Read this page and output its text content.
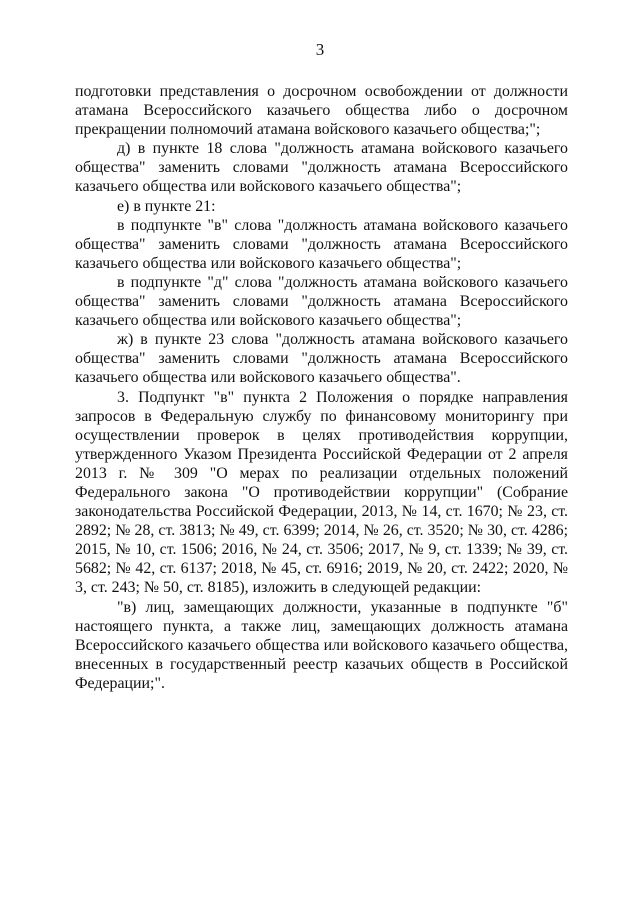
3

подготовки представления о досрочном освобождении от должности атамана Всероссийского казачьего общества либо о досрочном прекращении полномочий атамана войскового казачьего общества;";

д) в пункте 18 слова "должность атамана войскового казачьего общества" заменить словами "должность атамана Всероссийского казачьего общества или войскового казачьего общества";

е) в пункте 21:

в подпункте "в" слова "должность атамана войскового казачьего общества" заменить словами "должность атамана Всероссийского казачьего общества или войскового казачьего общества";

в подпункте "д" слова "должность атамана войскового казачьего общества" заменить словами "должность атамана Всероссийского казачьего общества или войскового казачьего общества";

ж) в пункте 23 слова "должность атамана войскового казачьего общества" заменить словами "должность атамана Всероссийского казачьего общества или войскового казачьего общества".

3. Подпункт "в" пункта 2 Положения о порядке направления запросов в Федеральную службу по финансовому мониторингу при осуществлении проверок в целях противодействия коррупции, утвержденного Указом Президента Российской Федерации от 2 апреля 2013 г. № 309 "О мерах по реализации отдельных положений Федерального закона "О противодействии коррупции" (Собрание законодательства Российской Федерации, 2013, № 14, ст. 1670; № 23, ст. 2892; № 28, ст. 3813; № 49, ст. 6399; 2014, № 26, ст. 3520; № 30, ст. 4286; 2015, № 10, ст. 1506; 2016, № 24, ст. 3506; 2017, № 9, ст. 1339; № 39, ст. 5682; № 42, ст. 6137; 2018, № 45, ст. 6916; 2019, № 20, ст. 2422; 2020, № 3, ст. 243; № 50, ст. 8185), изложить в следующей редакции:

"в) лиц, замещающих должности, указанные в подпункте "б" настоящего пункта, а также лиц, замещающих должность атамана Всероссийского казачьего общества или войскового казачьего общества, внесенных в государственный реестр казачьих обществ в Российской Федерации;".
